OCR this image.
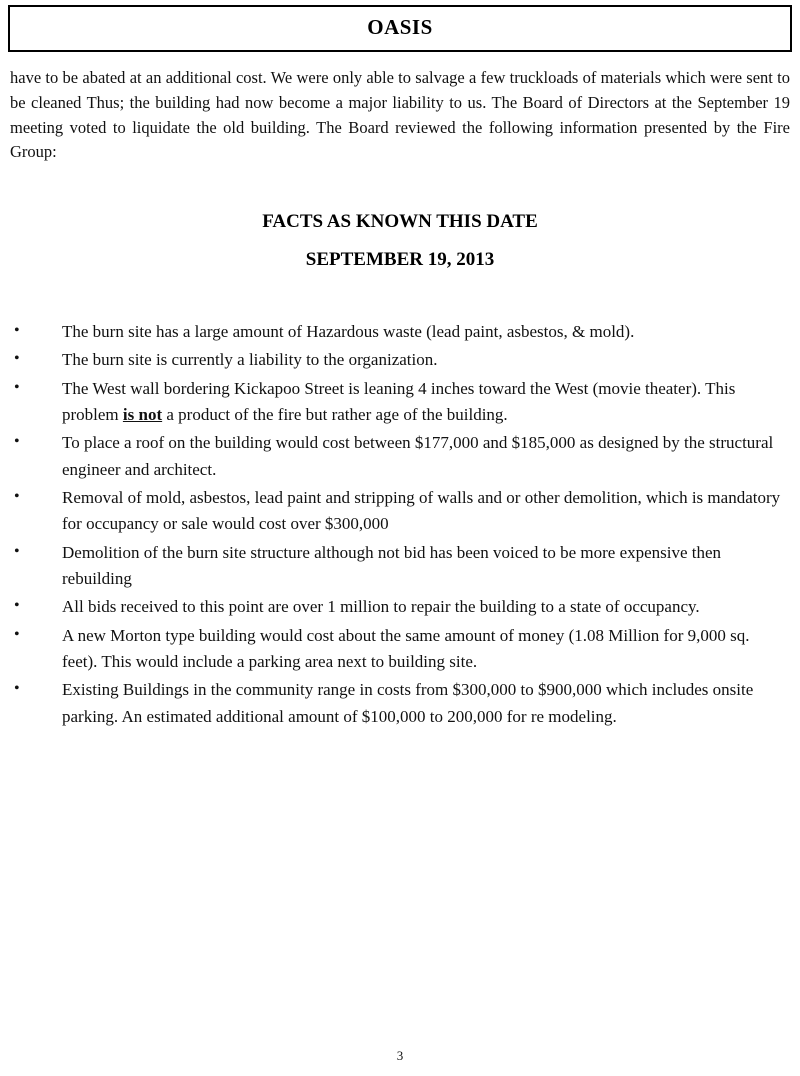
OASIS

have to be abated at an additional cost. We were only able to salvage a few truckloads of materials which were sent to be cleaned Thus; the building had now become a major liability to us. The Board of Directors at the September 19 meeting voted to liquidate the old building. The Board reviewed the following information presented by the Fire Group:

FACTS AS KNOWN THIS DATE
SEPTEMBER 19, 2013
• The burn site has a large amount of Hazardous waste (lead paint, asbestos, & mold).
• The burn site is currently a liability to the organization.
• The West wall bordering Kickapoo Street is leaning 4 inches toward the West (movie theater). This problem is not a product of the fire but rather age of the building.
• To place a roof on the building would cost between $177,000 and $185,000 as designed by the structural engineer and architect.
• Removal of mold, asbestos, lead paint and stripping of walls and or other demolition, which is mandatory for occupancy or sale would cost over $300,000
• Demolition of the burn site structure although not bid has been voiced to be more expensive then rebuilding
• All bids received to this point are over 1 million to repair the building to a state of occupancy.
• A new Morton type building would cost about the same amount of money (1.08 Million for 9,000 sq. feet). This would include a parking area next to building site.
• Existing Buildings in the community range in costs from $300,000 to $900,000 which includes onsite parking. An estimated additional amount of $100,000 to 200,000 for re modeling.
3
